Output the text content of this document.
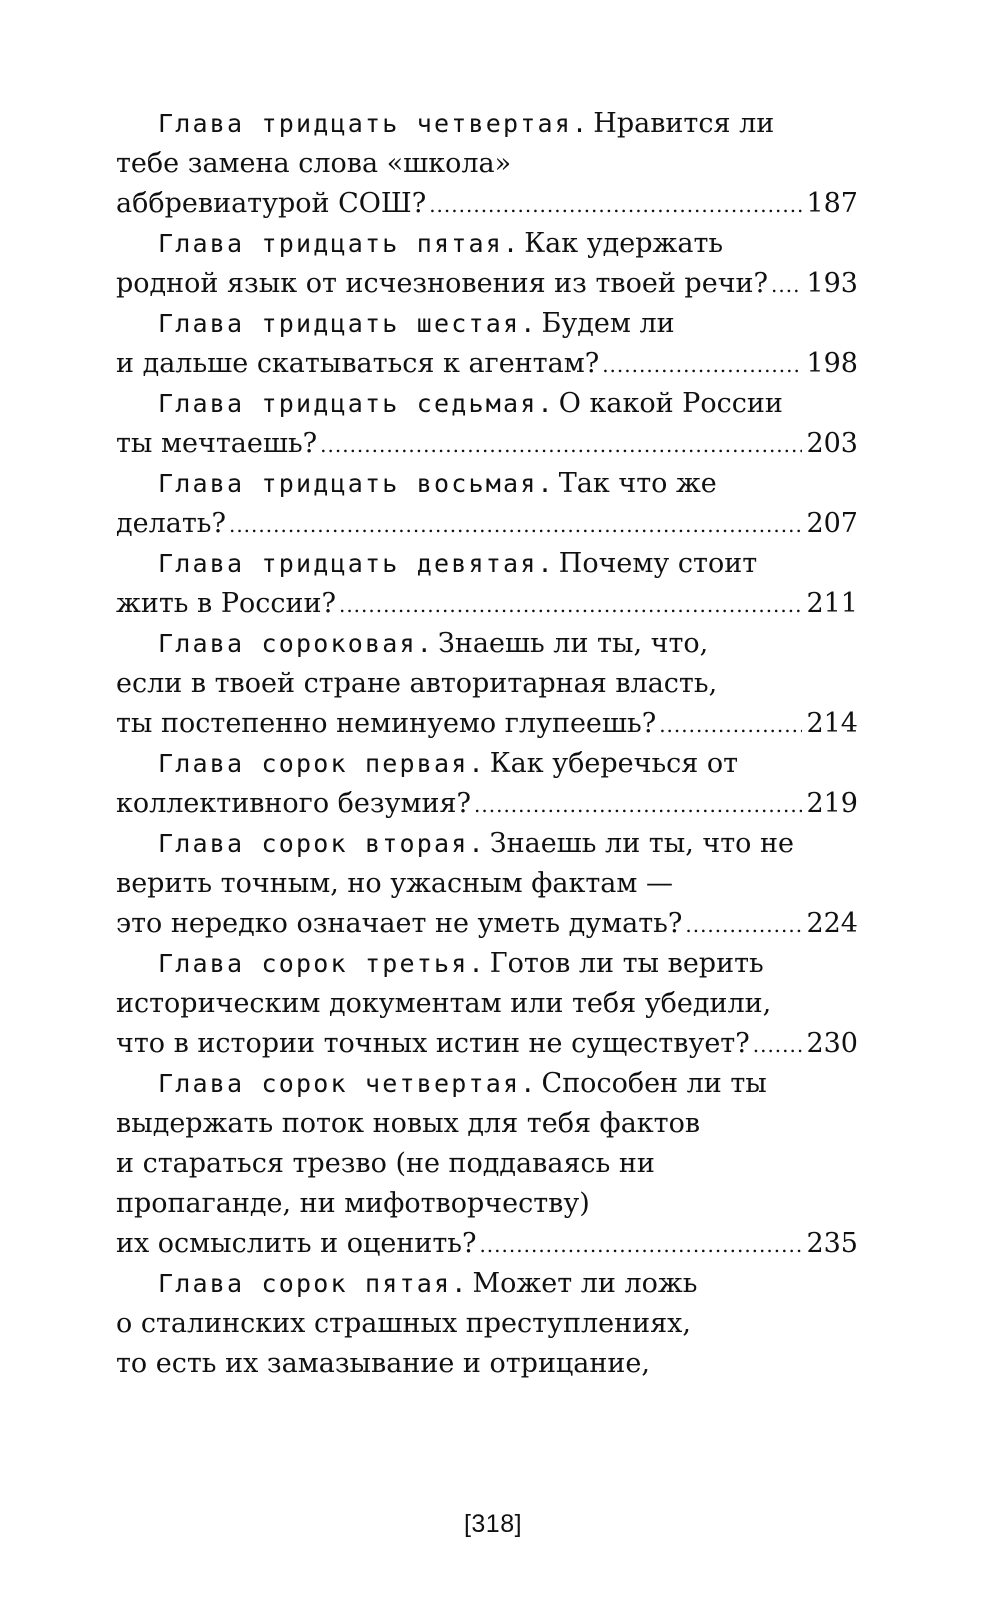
Глава тридцать четвертая. Нравится ли
тебе замена слова «школа»
аббревиатурой СОШ? .....	187
Глава тридцать пятая. Как удержать
родной язык от исчезновения из твоей речи? ..... 193
Глава тридцать шестая. Будем ли
и дальше скатываться к агентам? .....	198
Глава тридцать седьмая. О какой России
ты мечтаешь? .....	203
Глава тридцать восьмая. Так что же
делать? .....	207
Глава тридцать девятая. Почему стоит
жить в России? .....	211
Глава сороковая. Знаешь ли ты, что,
если в твоей стране авторитарная власть,
ты постепенно неминуемо глупеешь? .....	214
Глава сорок первая. Как уберечься от
коллективного безумия? .....	219
Глава сорок вторая. Знаешь ли ты, что не
верить точным, но ужасным фактам —
это нередко означает не уметь думать? .....	224
Глава сорок третья. Готов ли ты верить
историческим документам или тебя убедили,
что в истории точных истин не существует? ..... 230
Глава сорок четвертая. Способен ли ты
выдержать поток новых для тебя фактов
и стараться трезво (не поддаваясь ни
пропаганде, ни мифотворчеству)
их осмыслить и оценить? .....	235
Глава сорок пятая. Может ли ложь
о сталинских страшных преступлениях,
то есть их замазывание и отрицание,
[318]
